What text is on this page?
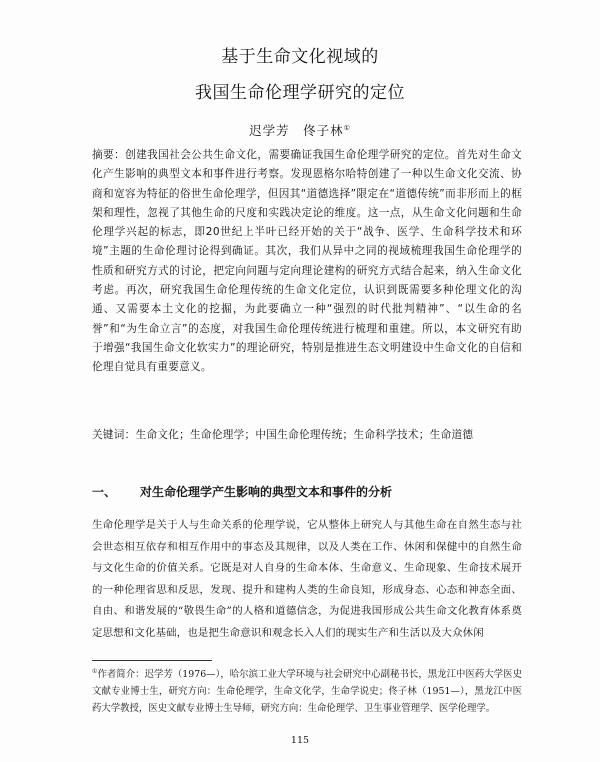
基于生命文化视域的
我国生命伦理学研究的定位
迟学芳　佟子林①

摘要：创建我国社会公共生命文化，需要确证我国生命伦理学研究的定位。首先对生命文化产生影响的典型文本和事件进行考察。发现恩格尔哈特创建了一种以生命文化交流、协商和宽容为特征的俗世生命伦理学，但因其“道德选择”限定在“道德传统”而非形而上的框架和理性，忽视了其他生命的尺度和实践决定论的维度。这一点，从生命文化问题和生命伦理学兴起的标志，即20世纪上半叶已经开始的关于“战争、医学、生命科学技术和环境”主题的生命伦理讨论得到确证。其次，我们从异中之同的视域梳理我国生命伦理学的性质和研究方式的讨论，把定向问题与定向理论建构的研究方式结合起来，纳入生命文化考虑。再次，研究我国生命伦理传统的生命文化定位，认识到既需要多种伦理文化的沟通、又需要本土文化的挖掘，为此要确立一种“强烈的时代批判精神”、“以生命的名誉”和“为生命立言”的态度，对我国生命伦理传统进行梳理和重建。所以，本文研究有助于增强“我国生命文化软实力”的理论研究，特别是推进生态文明建设中生命文化的自信和伦理自觉具有重要意义。

关键词：生命文化；生命伦理学；中国生命伦理传统；生命科学技术；生命道德

一、 对生命伦理学产生影响的典型文本和事件的分析

生命伦理学是关于人与生命关系的伦理学说，它从整体上研究人与其他生命在自然生态与社会世态相互依存和相互作用中的事态及其规律，以及人类在工作、休闲和保健中的自然生命与文化生命的价值关系。它既是对人自身的生命本体、生命意义、生命现象、生命技术展开的一种伦理省思和反思，发现、提升和建构人类的生命良知，形成身态、心态和神态全面、自由、和谐发展的“敬畏生命”的人格和道德信念，为促进我国形成公共生命文化教育体系奠定思想和文化基础，也是把生命意识和观念长入人们的现实生产和生活以及大众休闲

①作者简介：迟学芳（1976—），哈尔滨工业大学环境与社会研究中心副秘书长，黑龙江中医药大学医史文献专业博士生，研究方向：生命伦理学，生命文化学，生命学说史；佟子林（1951—），黑龙江中医药大学教授，医史文献专业博士生导师，研究方向：生命伦理学、卫生事业管理学、医学伦理学。

115
